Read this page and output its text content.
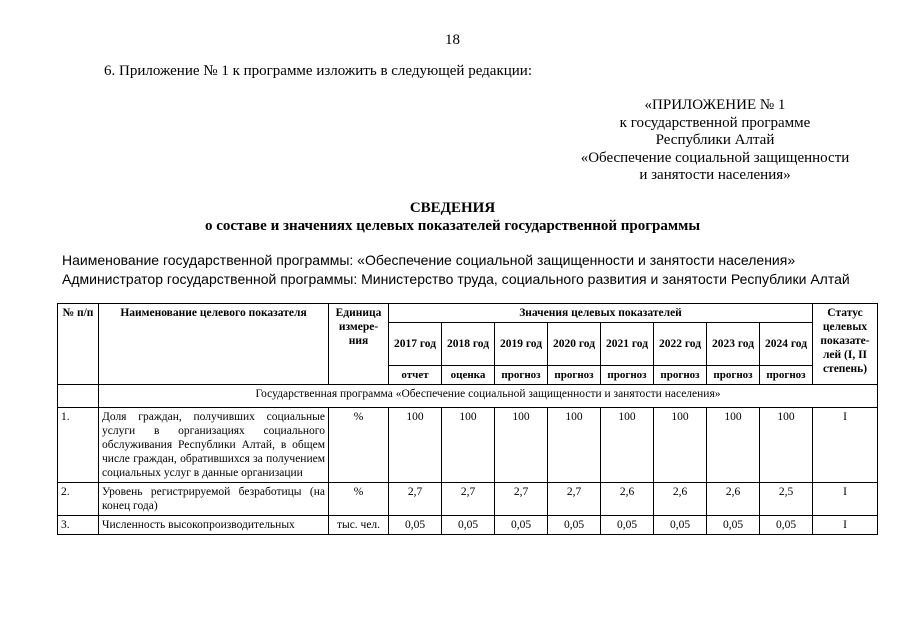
18
6. Приложение № 1 к программе изложить в следующей редакции:
«ПРИЛОЖЕНИЕ № 1
к государственной программе
Республики Алтай
«Обеспечение социальной защищенности
и занятости населения»
СВЕДЕНИЯ
о составе и значениях целевых показателей государственной программы
Наименование государственной программы: «Обеспечение социальной защищенности и занятости населения»
Администратор государственной программы: Министерство труда, социального развития и занятости Республики Алтай
№ п/п	Наименование целевого показателя	Единица измере-ния	Значения целевых показателей								Статус целевых показате-лей (I, II степень)
			2017 год	2018 год	2019 год	2020 год	2021 год	2022 год	2023 год	2024 год	
			отчет	оценка	прогноз	прогноз	прогноз	прогноз	прогноз	прогноз	
	Государственная программа «Обеспечение социальной защищенности и занятости населения»										
1.	Доля граждан, получивших социальные услуги в организациях социального обслуживания Республики Алтай, в общем числе граждан, обратившихся за получением социальных услуг в данные организации	%	100	100	100	100	100	100	100	100	I
2.	Уровень регистрируемой безработицы (на конец года)	%	2,7	2,7	2,7	2,7	2,6	2,6	2,6	2,5	I
3.	Численность высокопроизводительных	тыс. чел.	0,05	0,05	0,05	0,05	0,05	0,05	0,05	0,05	I
